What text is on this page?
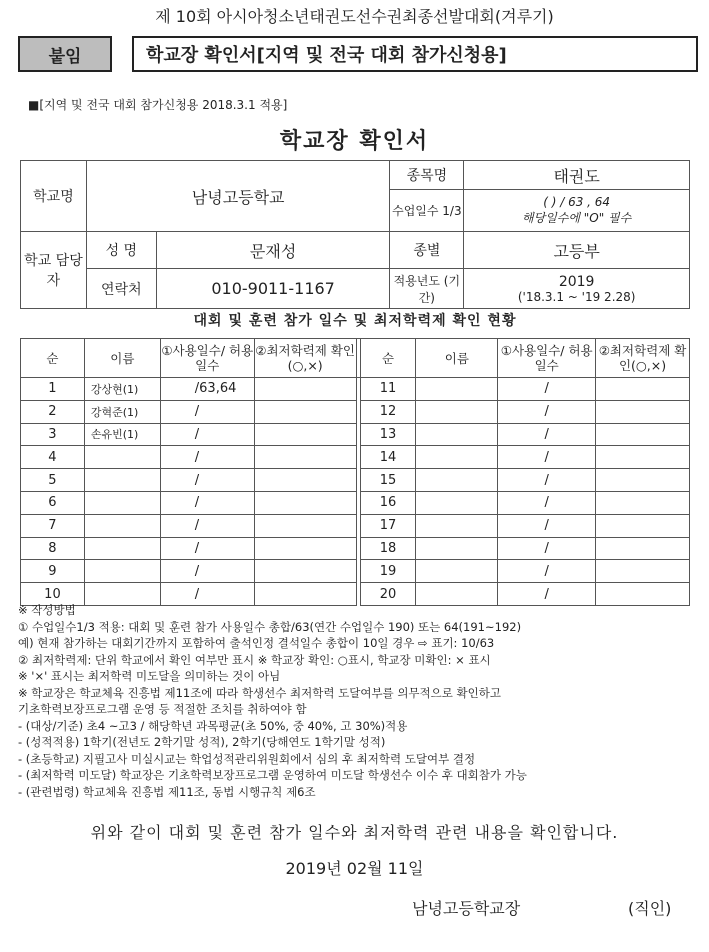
제 10회 아시아청소년태권도선수권최종선발대회(겨루기)
붙임	학교장 확인서[지역 및 전국 대회 참가신청용]
■[지역 및 전국 대회 참가신청용 2018.3.1 적용]
학교장 확인서
학교명	남녕고등학교		종목명	태권도
			수업일수 1/3	( ) / 63 , 64
해당일수에 "O" 필수

학교 담당자	성 명	문재성	종별	고등부
	연락처	010-9011-1167	적용년도 (기간)	2019
('18.3.1 ~ '19 2.28)
대회 및 훈련 참가 일수 및 최저학력제 확인 현황
순	이름	①사용일수/ 허용일수	②최저학력제 확인(○,×)		순	이름	①사용일수/ 허용일수	②최저학력제 확인(○,×)
1	강상현(1)	/63,64			11		/	
2	강혁준(1)	/			12		/	
3	손유빈(1)	/			13		/	
4		/			14		/	
5		/			15		/	
6		/			16		/	
7		/			17		/	
8		/			18		/	
9		/			19		/	
10		/			20		/	
※ 작성방법
① 수업일수1/3 적용: 대회 및 훈련 참가 사용일수 총합/63(연간 수업일수 190) 또는 64(191~192)
예) 현재 참가하는 대회기간까지 포함하여 출석인정 결석일수 총합이 10일 경우 ⇨ 표기: 10/63
② 최저학력제: 단위 학교에서 확인 여부만 표시 ※ 학교장 확인: ○표시, 학교장 미확인: × 표시
※ '×' 표시는 최저학력 미도달을 의미하는 것이 아님
※ 학교장은 학교체육 진흥법 제11조에 따라 학생선수 최저학력 도달여부를 의무적으로 확인하고
기초학력보장프로그램 운영 등 적절한 조치를 취하여야 함
- (대상/기준) 초4 ~고3 / 해당학년 과목평균(초 50%, 중 40%, 고 30%)적용
- (성적적용) 1학기(전년도 2학기말 성적), 2학기(당해연도 1학기말 성적)
- (초등학교) 지필고사 미실시교는 학업성적관리위원회에서 심의 후 최저학력 도달여부 결정
- (최저학력 미도달) 학교장은 기초학력보장프로그램 운영하여 미도달 학생선수 이수 후 대회참가 가능
- (관련법령) 학교체육 진흥법 제11조, 동법 시행규칙 제6조
위와 같이 대회 및 훈련 참가 일수와 최저학력 관련 내용을 확인합니다.
2019년 02월 11일
남녕고등학교장	(직인)
